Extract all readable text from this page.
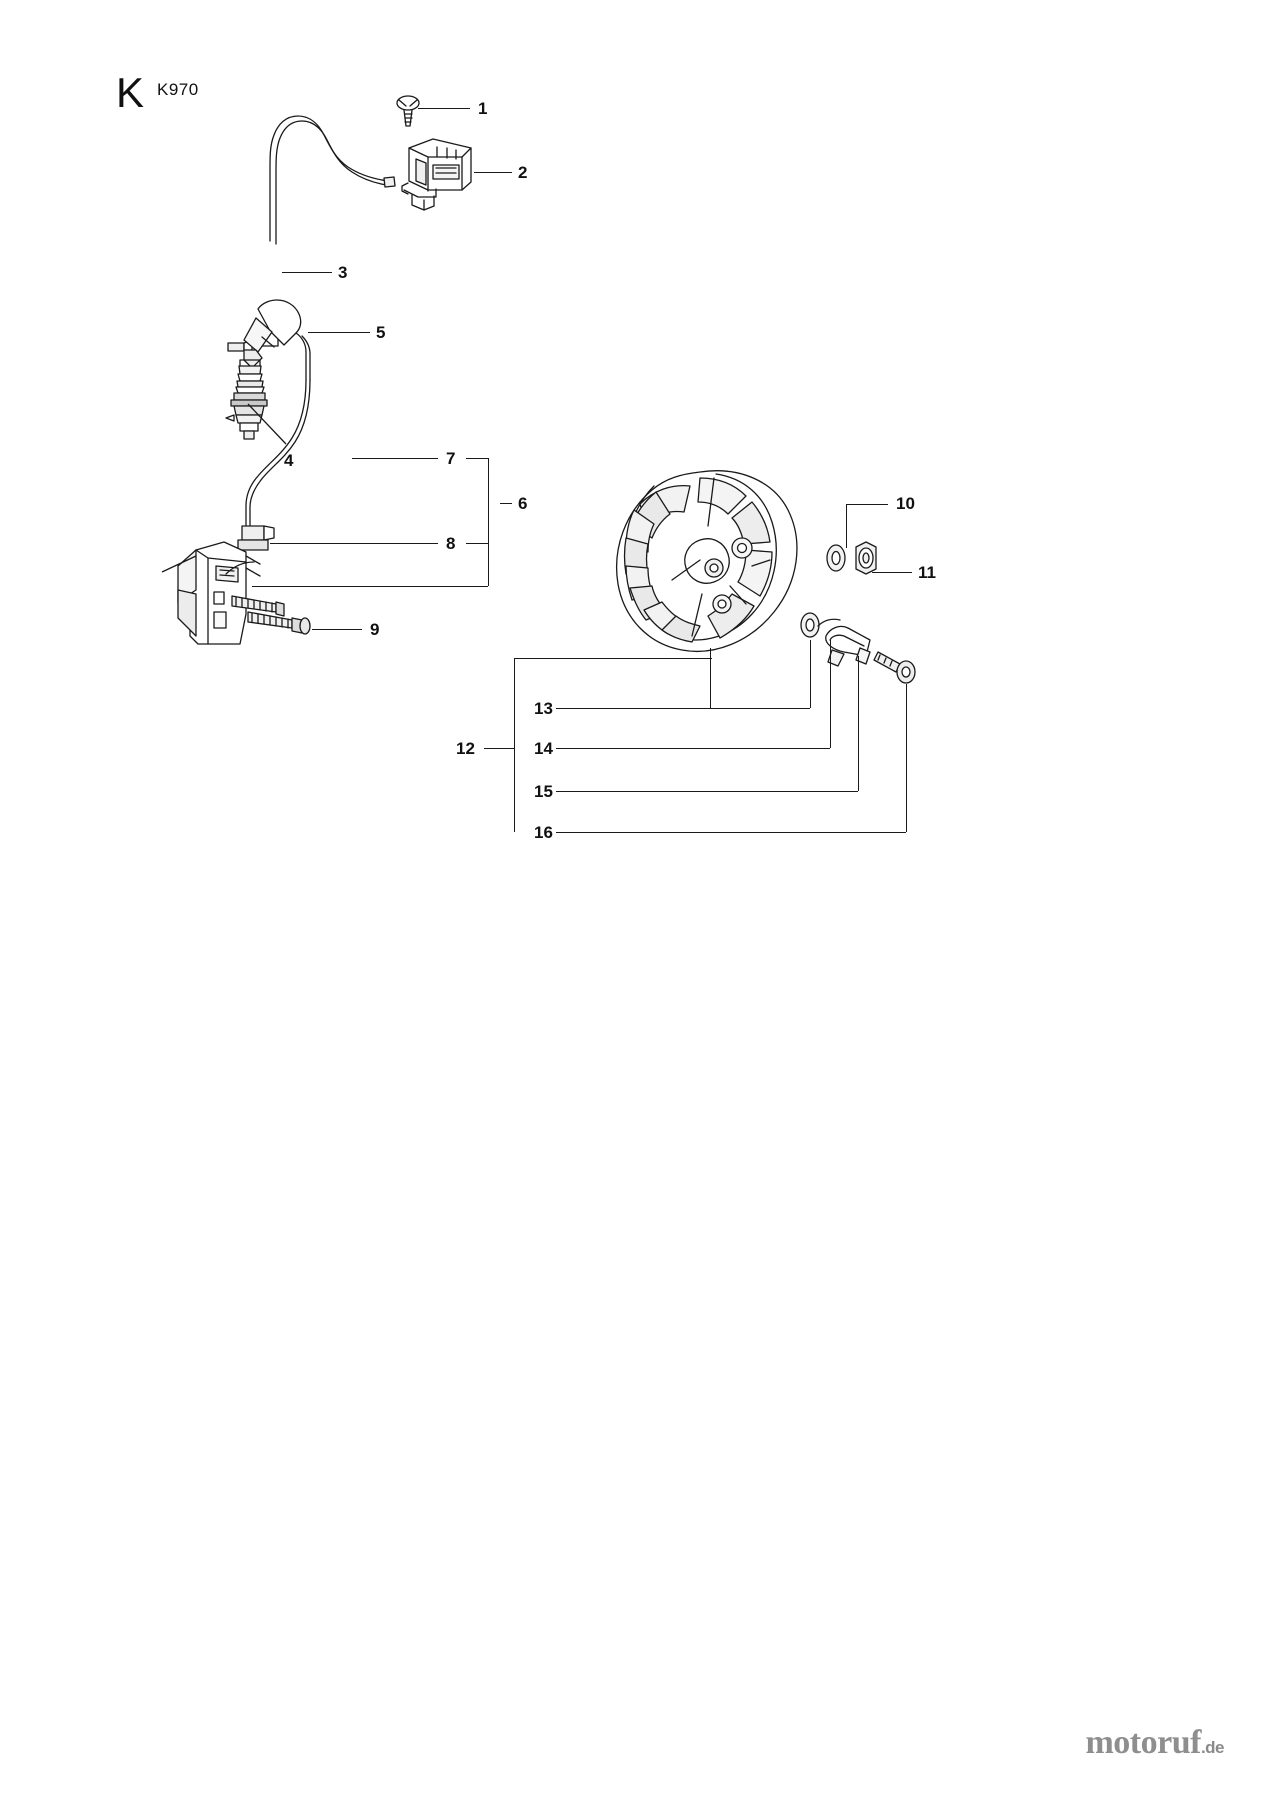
K K970
1
2
3
4
5
6
7
8
9
10
11
12
13
14
15
16
motoruf.de
